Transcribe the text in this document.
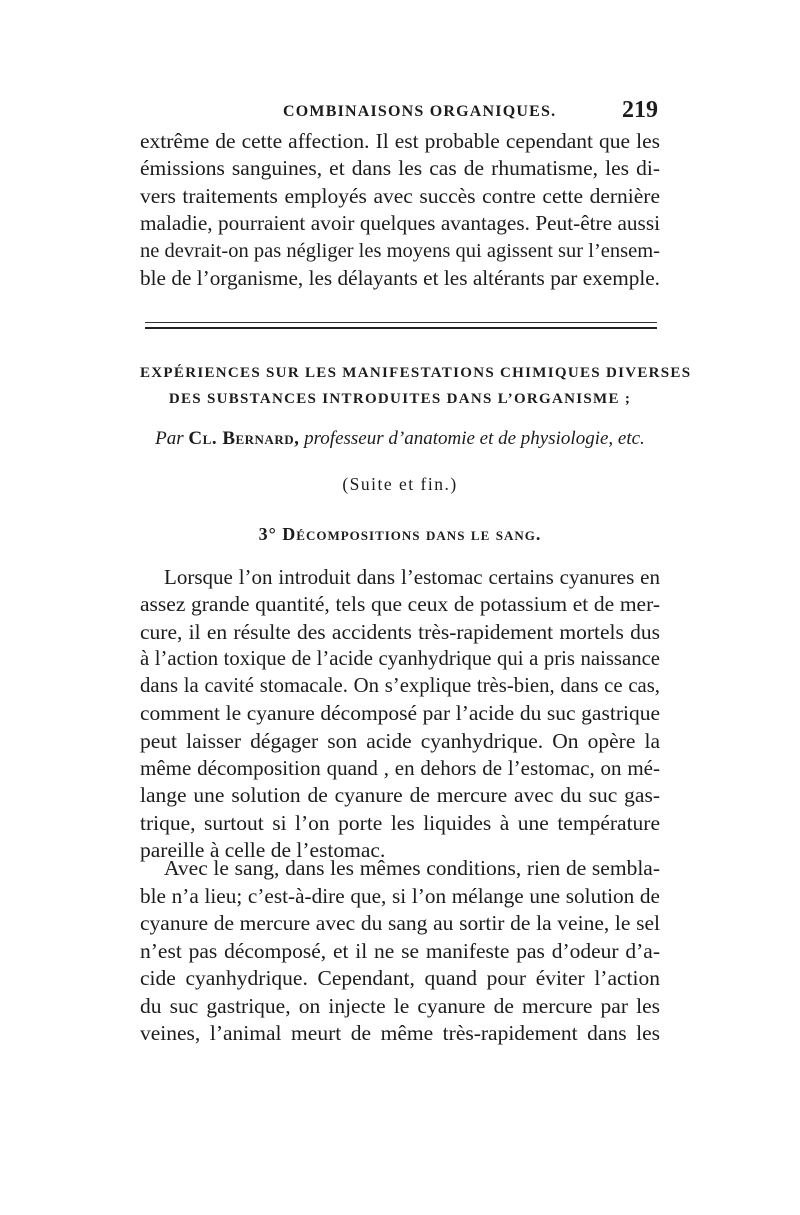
COMBINAISONS ORGANIQUES.	219
extrême de cette affection. Il est probable cependant que les
émissions sanguines, et dans les cas de rhumatisme, les di-
vers traitements employés avec succès contre cette dernière
maladie, pourraient avoir quelques avantages. Peut-être aussi
ne devrait-on pas négliger les moyens qui agissent sur l’ensem-
ble de l’organisme, les délayants et les altérants par exemple.
EXPÉRIENCES SUR LES MANIFESTATIONS CHIMIQUES DIVERSES
DES SUBSTANCES INTRODUITES DANS L’ORGANISME ;
Par Cl. Bernard, professeur d’anatomie et de physiologie, etc.
(Suite et fin.)
3° Décompositions dans le sang.
Lorsque l’on introduit dans l’estomac certains cyanures en
assez grande quantité, tels que ceux de potassium et de mer-
cure, il en résulte des accidents très-rapidement mortels dus
à l’action toxique de l’acide cyanhydrique qui a pris naissance
dans la cavité stomacale. On s’explique très-bien, dans ce cas,
comment le cyanure décomposé par l’acide du suc gastrique
peut laisser dégager son acide cyanhydrique. On opère la
même décomposition quand , en dehors de l’estomac, on mé-
lange une solution de cyanure de mercure avec du suc gas-
trique, surtout si l’on porte les liquides à une température
pareille à celle de l’estomac.
Avec le sang, dans les mêmes conditions, rien de sembla-
ble n’a lieu; c’est-à-dire que, si l’on mélange une solution de
cyanure de mercure avec du sang au sortir de la veine, le sel
n’est pas décomposé, et il ne se manifeste pas d’odeur d’a-
cide cyanhydrique. Cependant, quand pour éviter l’action
du suc gastrique, on injecte le cyanure de mercure par les
veines, l’animal meurt de même très-rapidement dans les
